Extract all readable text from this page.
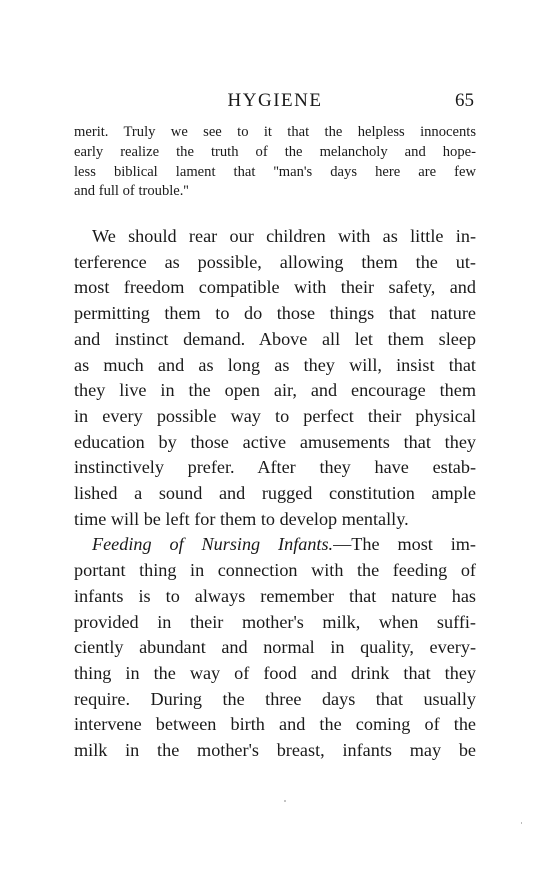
HYGIENE	65
merit. Truly we see to it that the helpless innocents
early realize the truth of the melancholy and hope-
less biblical lament that ''man's days here are few
and full of trouble.''
We should rear our children with as little in-
terference as possible, allowing them the ut-
most freedom compatible with their safety, and
permitting them to do those things that nature
and instinct demand. Above all let them sleep
as much and as long as they will, insist that
they live in the open air, and encourage them
in every possible way to perfect their physical
education by those active amusements that they
instinctively prefer. After they have estab-
lished a sound and rugged constitution ample
time will be left for them to develop mentally.
Feeding of Nursing Infants.—The most im-
portant thing in connection with the feeding of
infants is to always remember that nature has
provided in their mother's milk, when suffi-
ciently abundant and normal in quality, every-
thing in the way of food and drink that they
require. During the three days that usually
intervene between birth and the coming of the
milk in the mother's breast, infants may be
